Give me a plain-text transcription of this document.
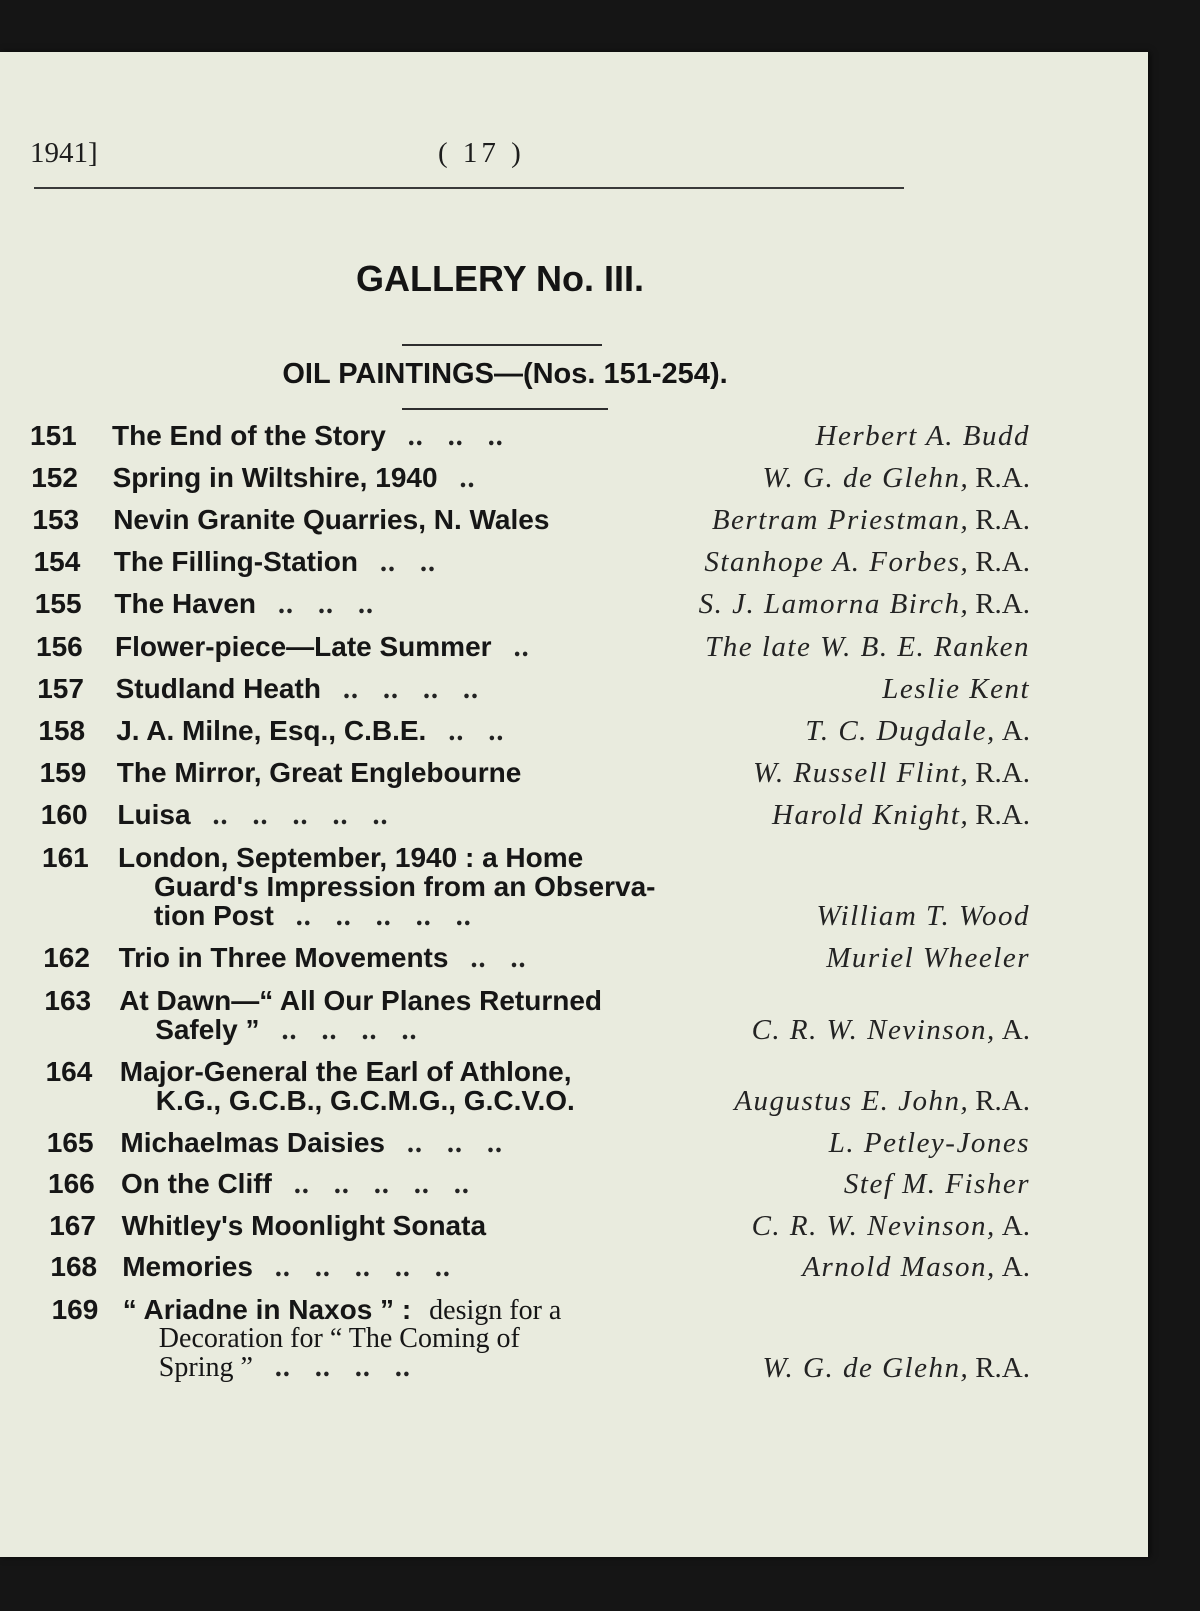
1941]	( 17 )
GALLERY No. III.
OIL PAINTINGS—(Nos. 151-254).
151 The End of the Story ..   ..   ..	Herbert A. Budd
152 Spring in Wiltshire, 1940 ..	W. G. de Glehn, R.A.
153 Nevin Granite Quarries, N. Wales	Bertram Priestman, R.A.
154 The Filling-Station ..   ..	Stanhope A. Forbes, R.A.
155 The Haven ..   ..   ..	S. J. Lamorna Birch, R.A.
156 Flower-piece—Late Summer ..	The late W. B. E. Ranken
157 Studland Heath ..   ..   ..   ..	Leslie Kent
158 J. A. Milne, Esq., C.B.E. ..   ..	T. C. Dugdale, A.
159 The Mirror, Great Englebourne	W. Russell Flint, R.A.
160 Luisa ..   ..   ..   ..   ..	Harold Knight, R.A.
161 London, September, 1940 : a Home
Guard's Impression from an Observa-
tion Post ..   ..   ..   ..   ..	William T. Wood
162 Trio in Three Movements ..   ..	Muriel Wheeler
163 At Dawn—“ All Our Planes Returned
Safely ” ..   ..   ..   ..	C. R. W. Nevinson, A.
164 Major-General the Earl of Athlone,
K.G., G.C.B., G.C.M.G., G.C.V.O.	Augustus E. John, R.A.
165 Michaelmas Daisies ..   ..   ..	L. Petley-Jones
166 On the Cliff ..   ..   ..   ..   ..	Stef M. Fisher
167 Whitley's Moonlight Sonata	C. R. W. Nevinson, A.
168 Memories ..   ..   ..   ..   ..	Arnold Mason, A.
169 “ Ariadne in Naxos ” : design for a
Decoration for “ The Coming of
Spring ” ..   ..   ..   ..	W. G. de Glehn, R.A.
